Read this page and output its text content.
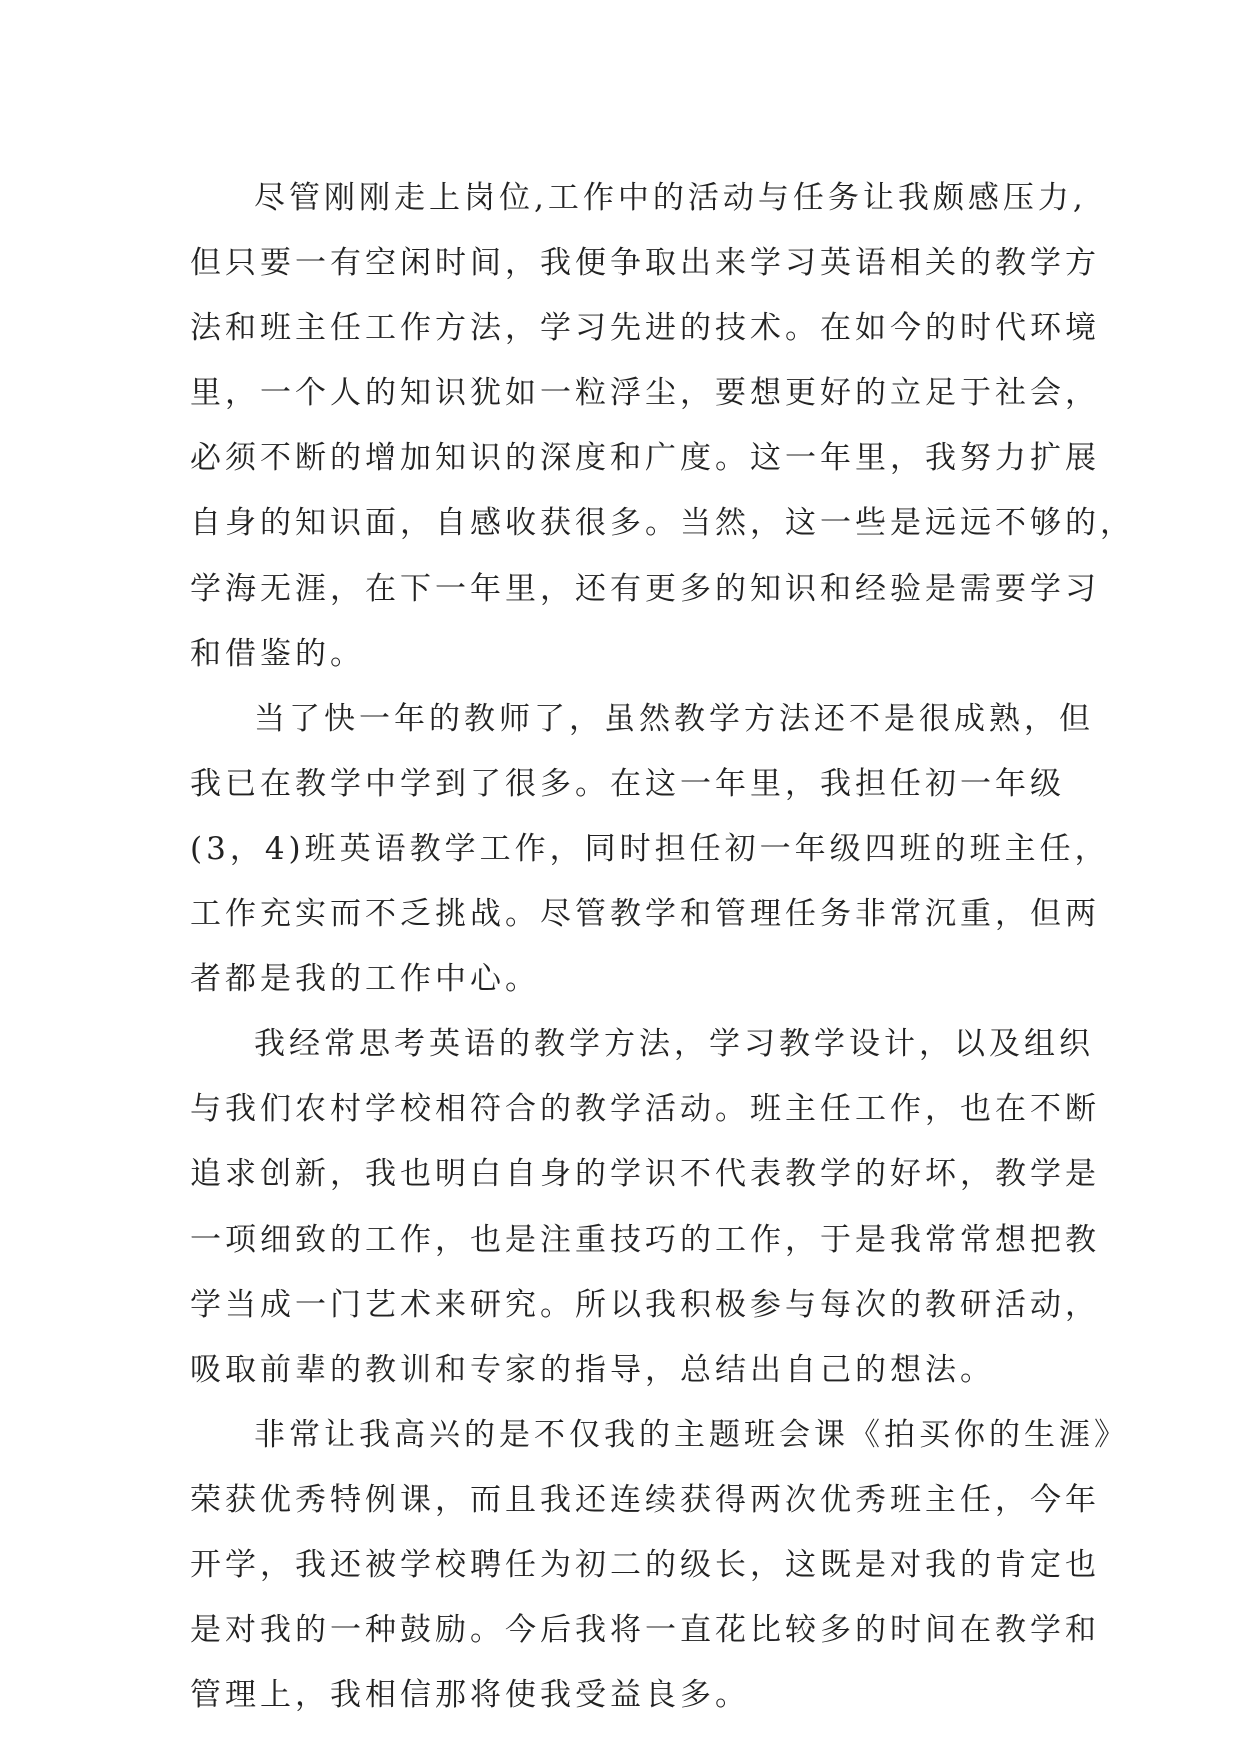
尽管刚刚走上岗位,工作中的活动与任务让我颇感压力,
但只要一有空闲时间，我便争取出来学习英语相关的教学方
法和班主任工作方法，学习先进的技术。在如今的时代环境
里，一个人的知识犹如一粒浮尘，要想更好的立足于社会，
必须不断的增加知识的深度和广度。这一年里，我努力扩展
自身的知识面，自感收获很多。当然，这一些是远远不够的，
学海无涯，在下一年里，还有更多的知识和经验是需要学习
和借鉴的。
当了快一年的教师了，虽然教学方法还不是很成熟，但
我已在教学中学到了很多。在这一年里，我担任初一年级
(3，4)班英语教学工作，同时担任初一年级四班的班主任，
工作充实而不乏挑战。尽管教学和管理任务非常沉重，但两
者都是我的工作中心。
我经常思考英语的教学方法，学习教学设计，以及组织
与我们农村学校相符合的教学活动。班主任工作，也在不断
追求创新，我也明白自身的学识不代表教学的好坏，教学是
一项细致的工作，也是注重技巧的工作，于是我常常想把教
学当成一门艺术来研究。所以我积极参与每次的教研活动，
吸取前辈的教训和专家的指导，总结出自己的想法。
非常让我高兴的是不仅我的主题班会课《拍买你的生涯》
荣获优秀特例课，而且我还连续获得两次优秀班主任，今年
开学，我还被学校聘任为初二的级长，这既是对我的肯定也
是对我的一种鼓励。今后我将一直花比较多的时间在教学和
管理上，我相信那将使我受益良多。
